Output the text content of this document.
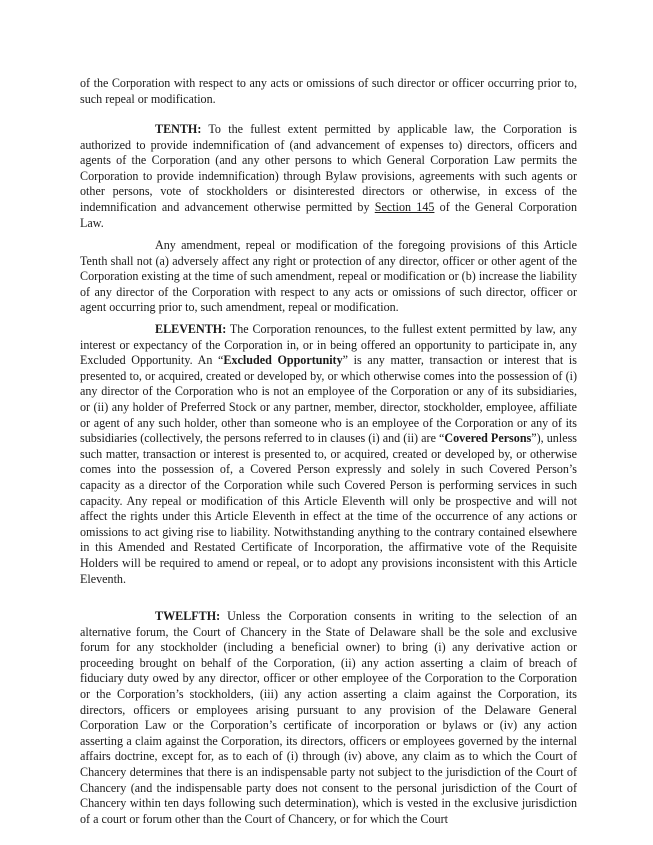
of the Corporation with respect to any acts or omissions of such director or officer occurring prior to, such repeal or modification.

TENTH: To the fullest extent permitted by applicable law, the Corporation is authorized to provide indemnification of (and advancement of expenses to) directors, officers and agents of the Corporation (and any other persons to which General Corporation Law permits the Corporation to provide indemnification) through Bylaw provisions, agreements with such agents or other persons, vote of stockholders or disinterested directors or otherwise, in excess of the indemnification and advancement otherwise permitted by Section 145 of the General Corporation Law.

Any amendment, repeal or modification of the foregoing provisions of this Article Tenth shall not (a) adversely affect any right or protection of any director, officer or other agent of the Corporation existing at the time of such amendment, repeal or modification or (b) increase the liability of any director of the Corporation with respect to any acts or omissions of such director, officer or agent occurring prior to, such amendment, repeal or modification.

ELEVENTH: The Corporation renounces, to the fullest extent permitted by law, any interest or expectancy of the Corporation in, or in being offered an opportunity to participate in, any Excluded Opportunity. An “Excluded Opportunity” is any matter, transaction or interest that is presented to, or acquired, created or developed by, or which otherwise comes into the possession of (i) any director of the Corporation who is not an employee of the Corporation or any of its subsidiaries, or (ii) any holder of Preferred Stock or any partner, member, director, stockholder, employee, affiliate or agent of any such holder, other than someone who is an employee of the Corporation or any of its subsidiaries (collectively, the persons referred to in clauses (i) and (ii) are “Covered Persons”), unless such matter, transaction or interest is presented to, or acquired, created or developed by, or otherwise comes into the possession of, a Covered Person expressly and solely in such Covered Person’s capacity as a director of the Corporation while such Covered Person is performing services in such capacity. Any repeal or modification of this Article Eleventh will only be prospective and will not affect the rights under this Article Eleventh in effect at the time of the occurrence of any actions or omissions to act giving rise to liability. Notwithstanding anything to the contrary contained elsewhere in this Amended and Restated Certificate of Incorporation, the affirmative vote of the Requisite Holders will be required to amend or repeal, or to adopt any provisions inconsistent with this Article Eleventh.

TWELFTH: Unless the Corporation consents in writing to the selection of an alternative forum, the Court of Chancery in the State of Delaware shall be the sole and exclusive forum for any stockholder (including a beneficial owner) to bring (i) any derivative action or proceeding brought on behalf of the Corporation, (ii) any action asserting a claim of breach of fiduciary duty owed by any director, officer or other employee of the Corporation to the Corporation or the Corporation’s stockholders, (iii) any action asserting a claim against the Corporation, its directors, officers or employees arising pursuant to any provision of the Delaware General Corporation Law or the Corporation’s certificate of incorporation or bylaws or (iv) any action asserting a claim against the Corporation, its directors, officers or employees governed by the internal affairs doctrine, except for, as to each of (i) through (iv) above, any claim as to which the Court of Chancery determines that there is an indispensable party not subject to the jurisdiction of the Court of Chancery (and the indispensable party does not consent to the personal jurisdiction of the Court of Chancery within ten days following such determination), which is vested in the exclusive jurisdiction of a court or forum other than the Court of Chancery, or for which the Court
